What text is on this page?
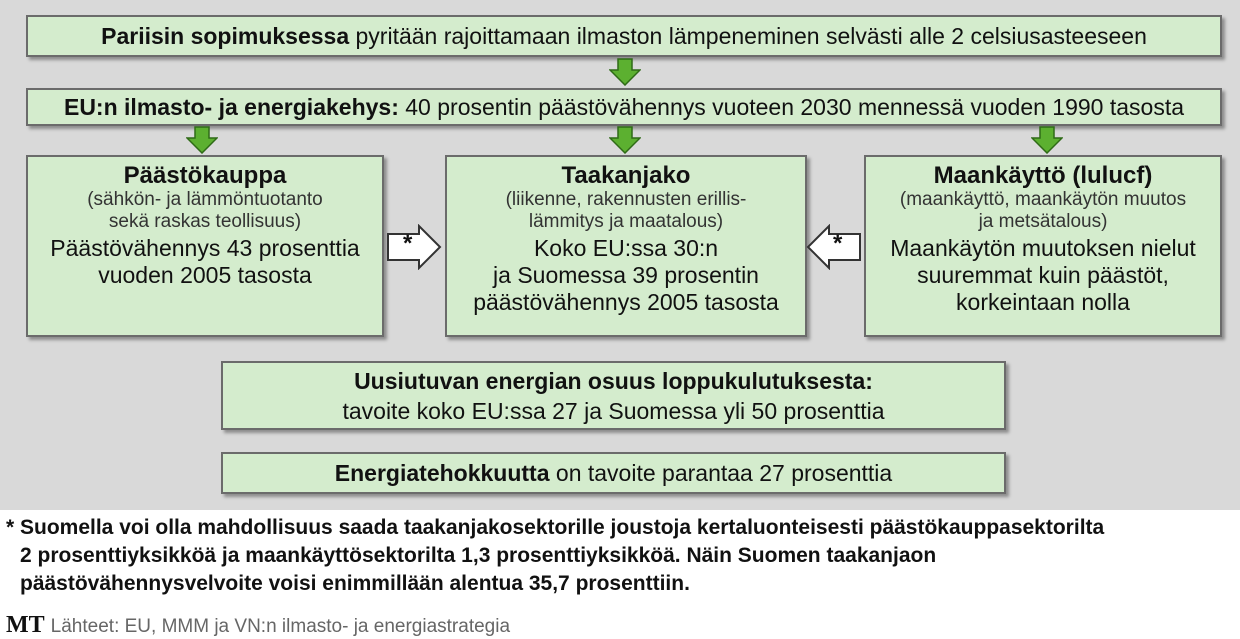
Pariisin sopimuksessa pyritään rajoittamaan ilmaston lämpeneminen selvästi alle 2 celsiusasteeseen
EU:n ilmasto- ja energiakehys: 40 prosentin päästövähennys vuoteen 2030 mennessä vuoden 1990 tasosta
Päästökauppa
(sähkön- ja lämmöntuotanto
sekä raskas teollisuus)
Päästövähennys 43 prosenttia
vuoden 2005 tasosta
Taakanjako
(liikenne, rakennusten erillis-
lämmitys ja maatalous)
Koko EU:ssa 30:n
ja Suomessa 39 prosentin
päästövähennys 2005 tasosta
Maankäyttö (lulucf)
(maankäyttö, maankäytön muutos
ja metsätalous)
Maankäytön muutoksen nielut
suuremmat kuin päästöt,
korkeintaan nolla
*	*
Uusiutuvan energian osuus loppukulutuksesta:
tavoite koko EU:ssa 27 ja Suomessa yli 50 prosenttia
Energiatehokkuutta on tavoite parantaa 27 prosenttia
* Suomella voi olla mahdollisuus saada taakanjakosektorille joustoja kertaluonteisesti päästökauppasektorilta
2 prosenttiyksikköä ja maankäyttösektorilta 1,3 prosenttiyksikköä. Näin Suomen taakanjaon
päästövähennysvelvoite voisi enimmillään alentua 35,7 prosenttiin.
MT Lähteet: EU, MMM ja VN:n ilmasto- ja energiastrategia
